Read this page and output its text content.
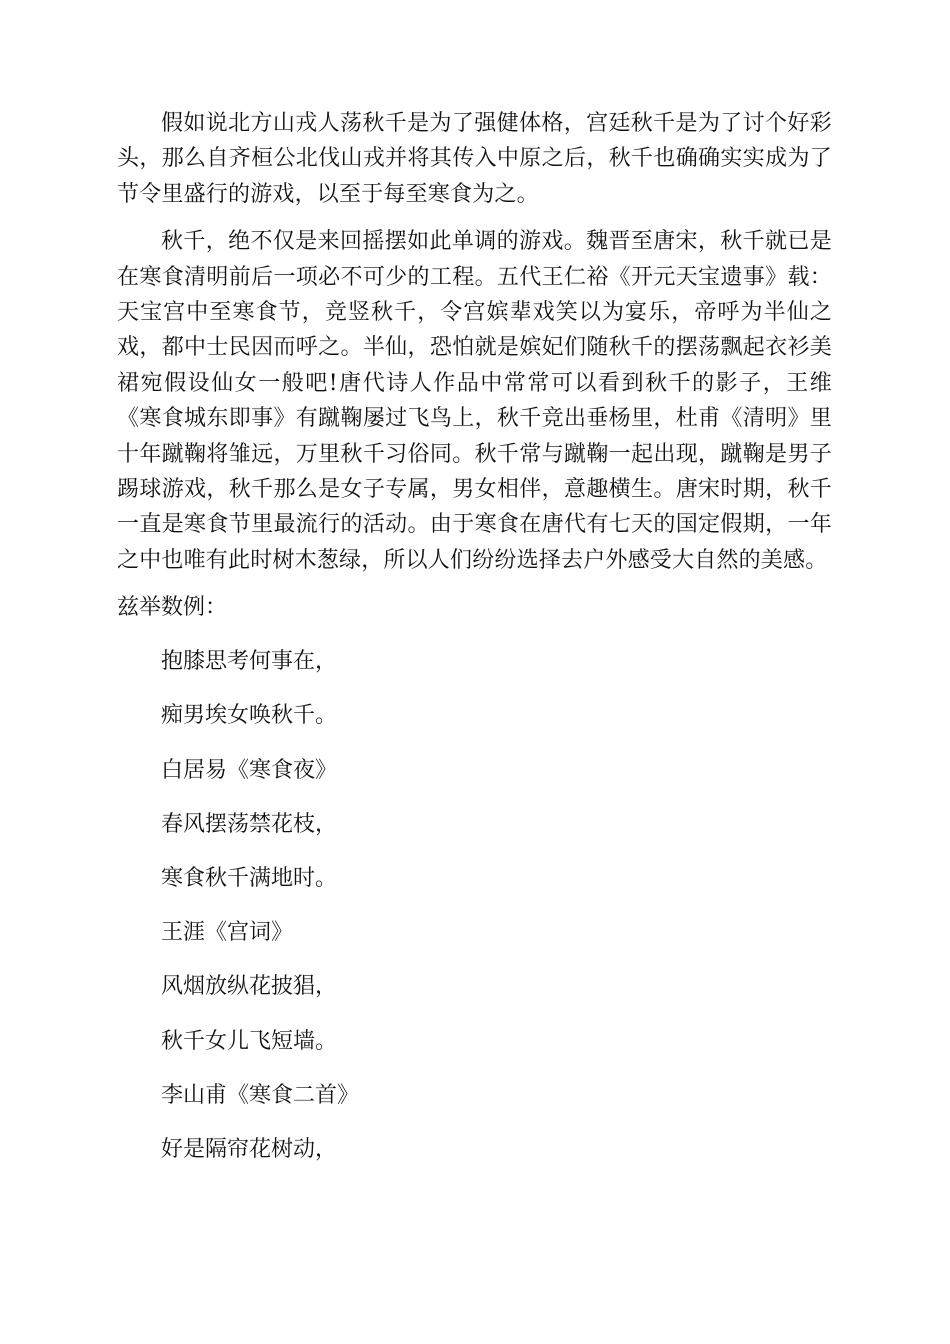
假如说北方山戎人荡秋千是为了强健体格，宫廷秋千是为了讨个好彩头，那么自齐桓公北伐山戎并将其传入中原之后，秋千也确确实实成为了节令里盛行的游戏，以至于每至寒食为之。

秋千，绝不仅是来回摇摆如此单调的游戏。魏晋至唐宋，秋千就已是在寒食清明前后一项必不可少的工程。五代王仁裕《开元天宝遗事》载：天宝宫中至寒食节，竞竖秋千，令宫嫔辈戏笑以为宴乐，帝呼为半仙之戏，都中士民因而呼之。半仙，恐怕就是嫔妃们随秋千的摆荡飘起衣衫美裙宛假设仙女一般吧!唐代诗人作品中常常可以看到秋千的影子，王维《寒食城东即事》有蹴鞠屡过飞鸟上，秋千竞出垂杨里，杜甫《清明》里十年蹴鞠将雏远，万里秋千习俗同。秋千常与蹴鞠一起出现，蹴鞠是男子踢球游戏，秋千那么是女子专属，男女相伴，意趣横生。唐宋时期，秋千一直是寒食节里最流行的活动。由于寒食在唐代有七天的国定假期，一年之中也唯有此时树木葱绿，所以人们纷纷选择去户外感受大自然的美感。

兹举数例：

抱膝思考何事在，

痴男埃女唤秋千。

白居易《寒食夜》

春风摆荡禁花枝，

寒食秋千满地时。

王涯《宫词》

风烟放纵花披猖，

秋千女儿飞短墙。

李山甫《寒食二首》

好是隔帘花树动，
